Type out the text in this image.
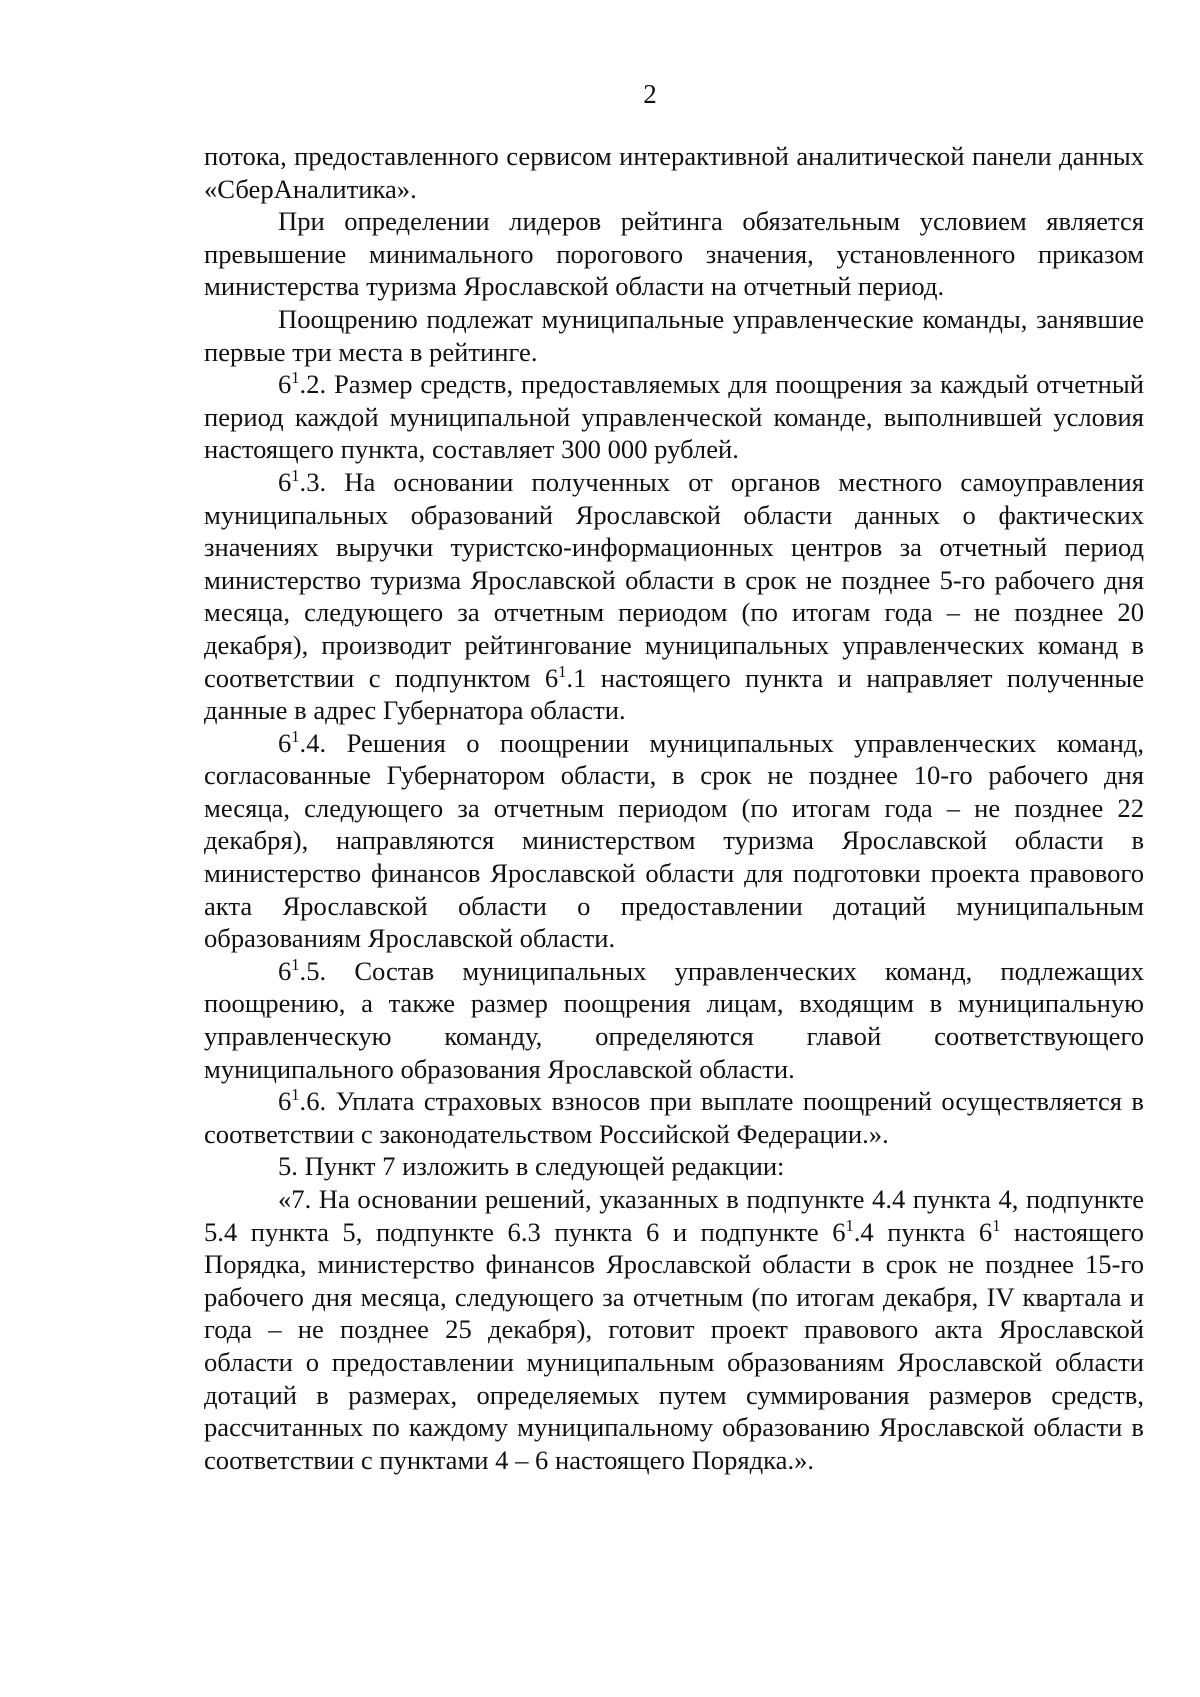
2

потока, предоставленного сервисом интерактивной аналитической панели данных «СберАналитика».

При определении лидеров рейтинга обязательным условием является превышение минимального порогового значения, установленного приказом министерства туризма Ярославской области на отчетный период.

Поощрению подлежат муниципальные управленческие команды, занявшие первые три места в рейтинге.

$6^1.2$. Размер средств, предоставляемых для поощрения за каждый отчетный период каждой муниципальной управленческой команде, выполнившей условия настоящего пункта, составляет 300 000 рублей.

$6^1.3$. На основании полученных от органов местного самоуправления муниципальных образований Ярославской области данных о фактических значениях выручки туристско-информационных центров за отчетный период министерство туризма Ярославской области в срок не позднее 5-го рабочего дня месяца, следующего за отчетным периодом (по итогам года – не позднее 20 декабря), производит рейтингование муниципальных управленческих команд в соответствии с подпунктом $6^1.1$ настоящего пункта и направляет полученные данные в адрес Губернатора области.

$6^1.4$. Решения о поощрении муниципальных управленческих команд, согласованные Губернатором области, в срок не позднее 10-го рабочего дня месяца, следующего за отчетным периодом (по итогам года – не позднее 22 декабря), направляются министерством туризма Ярославской области в министерство финансов Ярославской области для подготовки проекта правового акта Ярославской области о предоставлении дотаций муниципальным образованиям Ярославской области.

$6^1.5$. Состав муниципальных управленческих команд, подлежащих поощрению, а также размер поощрения лицам, входящим в муниципальную управленческую команду, определяются главой соответствующего муниципального образования Ярославской области.

$6^1.6$. Уплата страховых взносов при выплате поощрений осуществляется в соответствии с законодательством Российской Федерации.».

5. Пункт 7 изложить в следующей редакции:

«7. На основании решений, указанных в подпункте 4.4 пункта 4, подпункте 5.4 пункта 5, подпункте 6.3 пункта 6 и подпункте $6^1.4$ пункта $6^1$ настоящего Порядка, министерство финансов Ярославской области в срок не позднее 15-го рабочего дня месяца, следующего за отчетным (по итогам декабря, IV квартала и года – не позднее 25 декабря), готовит проект правового акта Ярославской области о предоставлении муниципальным образованиям Ярославской области дотаций в размерах, определяемых путем суммирования размеров средств, рассчитанных по каждому муниципальному образованию Ярославской области в соответствии с пунктами 4 – 6 настоящего Порядка.».
